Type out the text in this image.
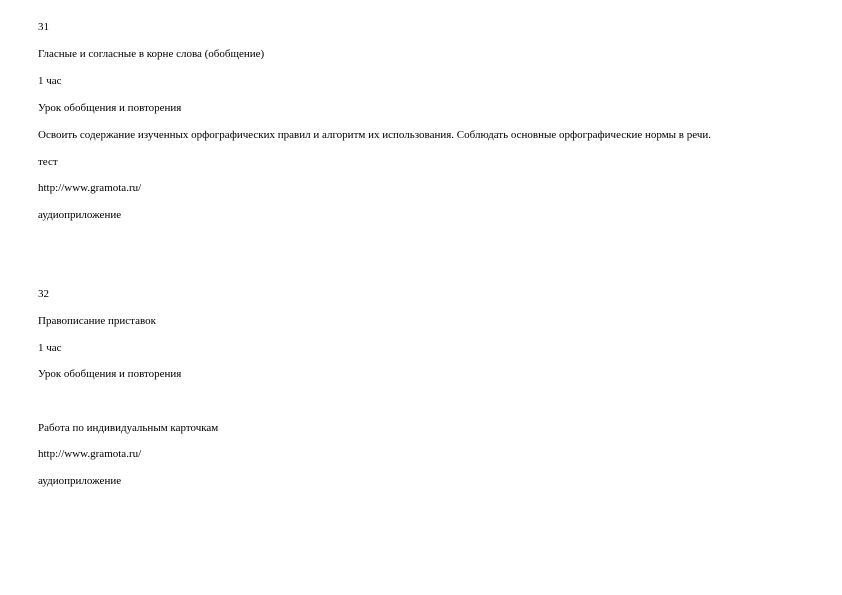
31
Гласные и согласные в корне слова (обобщение)
1 час
Урок обобщения и повторения
Освоить содержание изученных орфографических правил и алгоритм их использования. Соблюдать основные орфографические нормы в речи.
тест
http://www.gramota.ru/
аудиоприложение
32
Правописание приставок
1 час
Урок обобщения и повторения
Работа по индивидуальным карточкам
http://www.gramota.ru/
аудиоприложение
